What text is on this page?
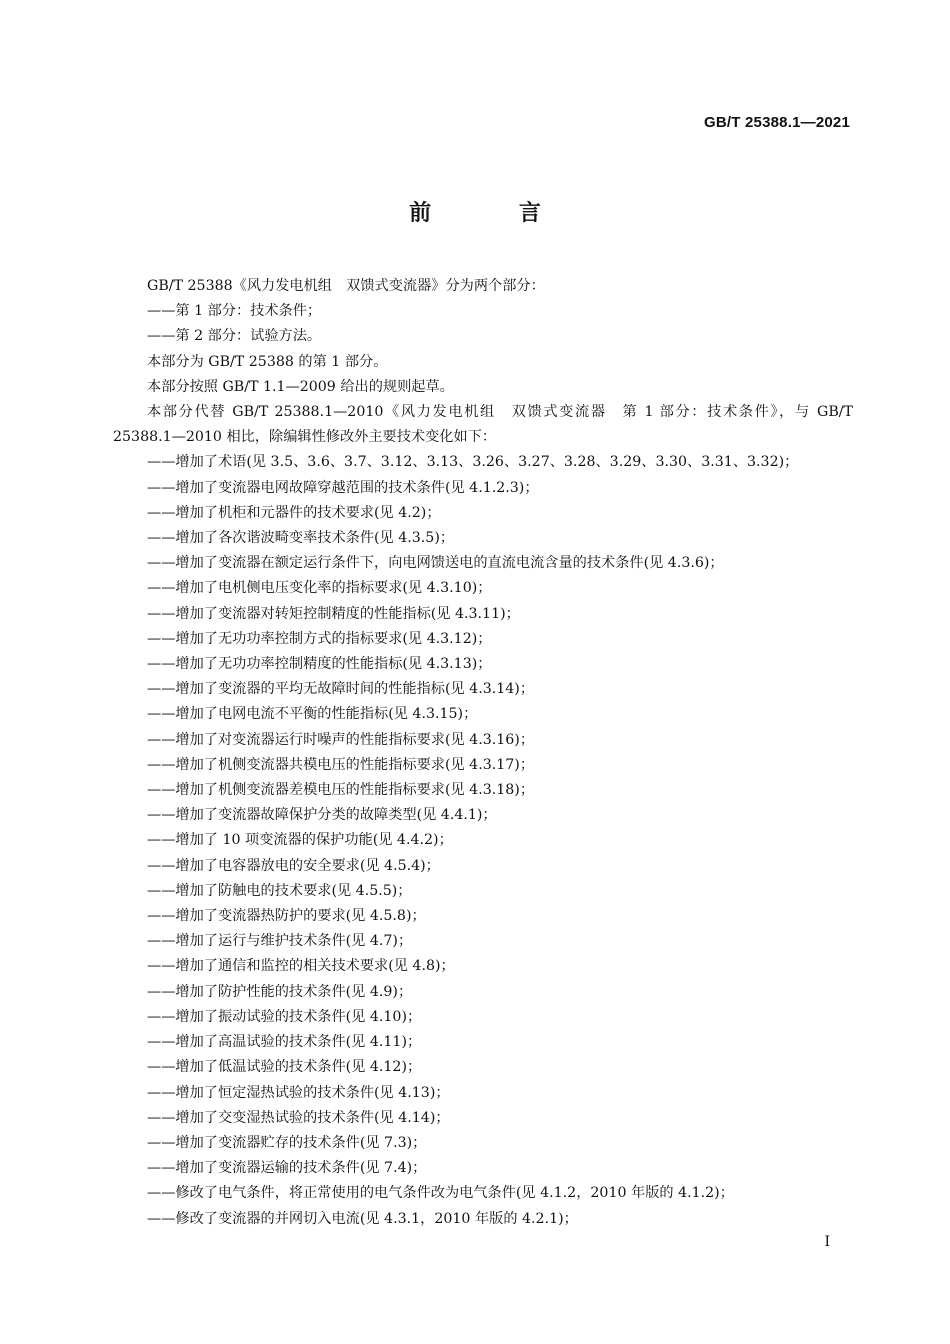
GB/T 25388.1—2021
前 言

GB/T 25388《风力发电机组　双馈式变流器》分为两个部分：

——第 1 部分：技术条件；

——第 2 部分：试验方法。

本部分为 GB/T 25388 的第 1 部分。

本部分按照 GB/T 1.1—2009 给出的规则起草。

本部分代替 GB/T 25388.1—2010《风力发电机组　双馈式变流器　第 1 部分：技术条件》，与 GB/T 25388.1—2010 相比，除编辑性修改外主要技术变化如下：

——增加了术语(见 3.5、3.6、3.7、3.12、3.13、3.26、3.27、3.28、3.29、3.30、3.31、3.32)；
——增加了变流器电网故障穿越范围的技术条件(见 4.1.2.3)；
——增加了机柜和元器件的技术要求(见 4.2)；
——增加了各次谐波畸变率技术条件(见 4.3.5)；
——增加了变流器在额定运行条件下，向电网馈送电的直流电流含量的技术条件(见 4.3.6)；
——增加了电机侧电压变化率的指标要求(见 4.3.10)；
——增加了变流器对转矩控制精度的性能指标(见 4.3.11)；
——增加了无功功率控制方式的指标要求(见 4.3.12)；
——增加了无功功率控制精度的性能指标(见 4.3.13)；
——增加了变流器的平均无故障时间的性能指标(见 4.3.14)；
——增加了电网电流不平衡的性能指标(见 4.3.15)；
——增加了对变流器运行时噪声的性能指标要求(见 4.3.16)；
——增加了机侧变流器共模电压的性能指标要求(见 4.3.17)；
——增加了机侧变流器差模电压的性能指标要求(见 4.3.18)；
——增加了变流器故障保护分类的故障类型(见 4.4.1)；
——增加了 10 项变流器的保护功能(见 4.4.2)；
——增加了电容器放电的安全要求(见 4.5.4)；
——增加了防触电的技术要求(见 4.5.5)；
——增加了变流器热防护的要求(见 4.5.8)；
——增加了运行与维护技术条件(见 4.7)；
——增加了通信和监控的相关技术要求(见 4.8)；
——增加了防护性能的技术条件(见 4.9)；
——增加了振动试验的技术条件(见 4.10)；
——增加了高温试验的技术条件(见 4.11)；
——增加了低温试验的技术条件(见 4.12)；
——增加了恒定湿热试验的技术条件(见 4.13)；
——增加了交变湿热试验的技术条件(见 4.14)；
——增加了变流器贮存的技术条件(见 7.3)；
——增加了变流器运输的技术条件(见 7.4)；
——修改了电气条件，将正常使用的电气条件改为电气条件(见 4.1.2，2010 年版的 4.1.2)；
——修改了变流器的并网切入电流(见 4.3.1，2010 年版的 4.2.1)；
I
